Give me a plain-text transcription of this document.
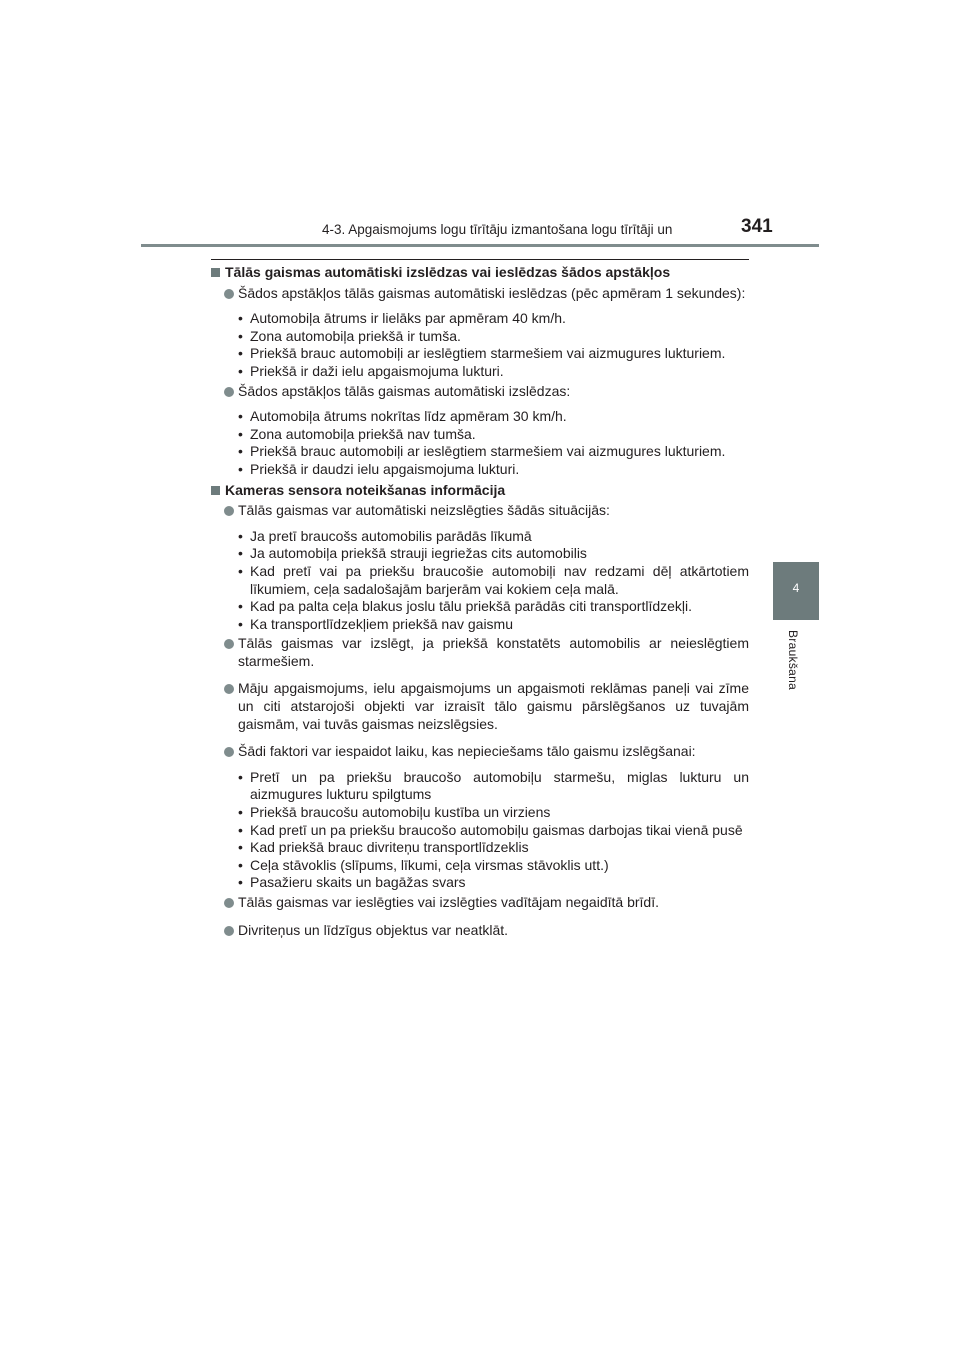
4-3. Apgaismojums logu tīrītāju izmantošana logu tīrītāji un	341
4
Braukšana
Tālās gaismas automātiski izslēdzas vai ieslēdzas šādos apstākļos
Šādos apstākļos tālās gaismas automātiski ieslēdzas (pēc apmēram 1 sekundes):
• Automobiļa ātrums ir lielāks par apmēram 40 km/h.
• Zona automobiļa priekšā ir tumša.
• Priekšā brauc automobiļi ar ieslēgtiem starmešiem vai aizmugures lukturiem.
• Priekšā ir daži ielu apgaismojuma lukturi.
Šādos apstākļos tālās gaismas automātiski izslēdzas:
• Automobiļa ātrums nokrītas līdz apmēram 30 km/h.
• Zona automobiļa priekšā nav tumša.
• Priekšā brauc automobiļi ar ieslēgtiem starmešiem vai aizmugures lukturiem.
• Priekšā ir daudzi ielu apgaismojuma lukturi.
Kameras sensora noteikšanas informācija
Tālās gaismas var automātiski neizslēgties šādās situācijās:
• Ja pretī braucošs automobilis parādās līkumā
• Ja automobiļa priekšā strauji iegriežas cits automobilis
• Kad pretī vai pa priekšu braucošie automobiļi nav redzami dēļ atkārtotiem līkumiem, ceļa sadalošajām barjerām vai kokiem ceļa malā.
• Kad pa palta ceļa blakus joslu tālu priekšā parādās citi transportlīdzekļi.
• Ka transportlīdzekļiem priekšā nav gaismu
Tālās gaismas var izslēgt, ja priekšā konstatēts automobilis ar neieslēgtiem starmešiem.
Māju apgaismojums, ielu apgaismojums un apgaismoti reklāmas paneļi vai zīme un citi atstarojoši objekti var izraisīt tālo gaismu pārslēgšanos uz tuvajām gaismām, vai tuvās gaismas neizslēgsies.
Šādi faktori var iespaidot laiku, kas nepieciešams tālo gaismu izslēgšanai:
• Pretī un pa priekšu braucošo automobiļu starmešu, miglas lukturu un aizmugures lukturu spilgtums
• Priekšā braucošu automobiļu kustība un virziens
• Kad pretī un pa priekšu braucošo automobiļu gaismas darbojas tikai vienā pusē
• Kad priekšā brauc divriteņu transportlīdzeklis
• Ceļa stāvoklis (slīpums, līkumi, ceļa virsmas stāvoklis utt.)
• Pasažieru skaits un bagāžas svars
Tālās gaismas var ieslēgties vai izslēgties vadītājam negaidītā brīdī.
Divriteņus un līdzīgus objektus var neatklāt.
